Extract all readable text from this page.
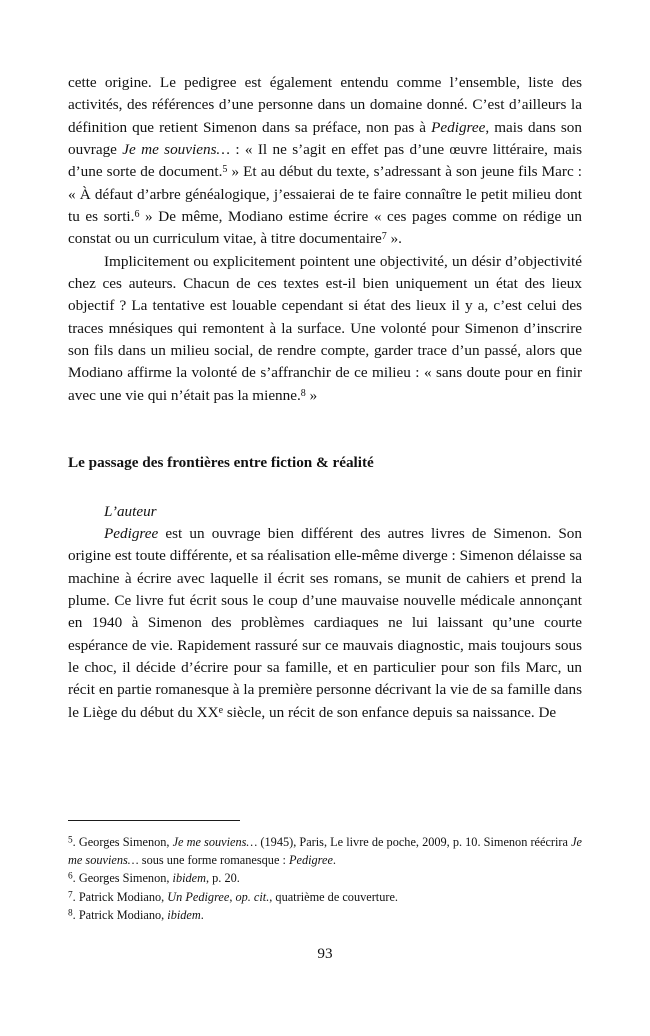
cette origine. Le pedigree est également entendu comme l’ensemble, liste des activités, des références d’une personne dans un domaine donné. C’est d’ailleurs la définition que retient Simenon dans sa préface, non pas à Pedigree, mais dans son ouvrage Je me souviens… : « Il ne s’agit en effet pas d’une œuvre littéraire, mais d’une sorte de document.$^5$ » Et au début du texte, s’adressant à son jeune fils Marc : « À défaut d’arbre généalogique, j’essaierai de te faire connaître le petit milieu dont tu es sorti.$^6$ » De même, Modiano estime écrire « ces pages comme on rédige un constat ou un curriculum vitae, à titre documentaire$^7$ ».

Implicitement ou explicitement pointent une objectivité, un désir d’objectivité chez ces auteurs. Chacun de ces textes est-il bien uniquement un état des lieux objectif ? La tentative est louable cependant si état des lieux il y a, c’est celui des traces mnésiques qui remontent à la surface. Une volonté pour Simenon d’inscrire son fils dans un milieu social, de rendre compte, garder trace d’un passé, alors que Modiano affirme la volonté de s’affranchir de ce milieu : « sans doute pour en finir avec une vie qui n’était pas la mienne.$^8$ »

Le passage des frontières entre fiction & réalité

L’auteur

Pedigree est un ouvrage bien différent des autres livres de Simenon. Son origine est toute différente, et sa réalisation elle-même diverge : Simenon délaisse sa machine à écrire avec laquelle il écrit ses romans, se munit de cahiers et prend la plume. Ce livre fut écrit sous le coup d’une mauvaise nouvelle médicale annonçant en 1940 à Simenon des problèmes cardiaques ne lui laissant qu’une courte espérance de vie. Rapidement rassuré sur ce mauvais diagnostic, mais toujours sous le choc, il décide d’écrire pour sa famille, et en particulier pour son fils Marc, un récit en partie romanesque à la première personne décrivant la vie de sa famille dans le Liège du début du XXe siècle, un récit de son enfance depuis sa naissance. De

$^5$. Georges Simenon, Je me souviens… (1945), Paris, Le livre de poche, 2009, p. 10. Simenon réécrira Je me souviens… sous une forme romanesque : Pedigree.

$^6$. Georges Simenon, ibidem, p. 20.

$^7$. Patrick Modiano, Un Pedigree, op. cit., quatrième de couverture.

$^8$. Patrick Modiano, ibidem.

93
